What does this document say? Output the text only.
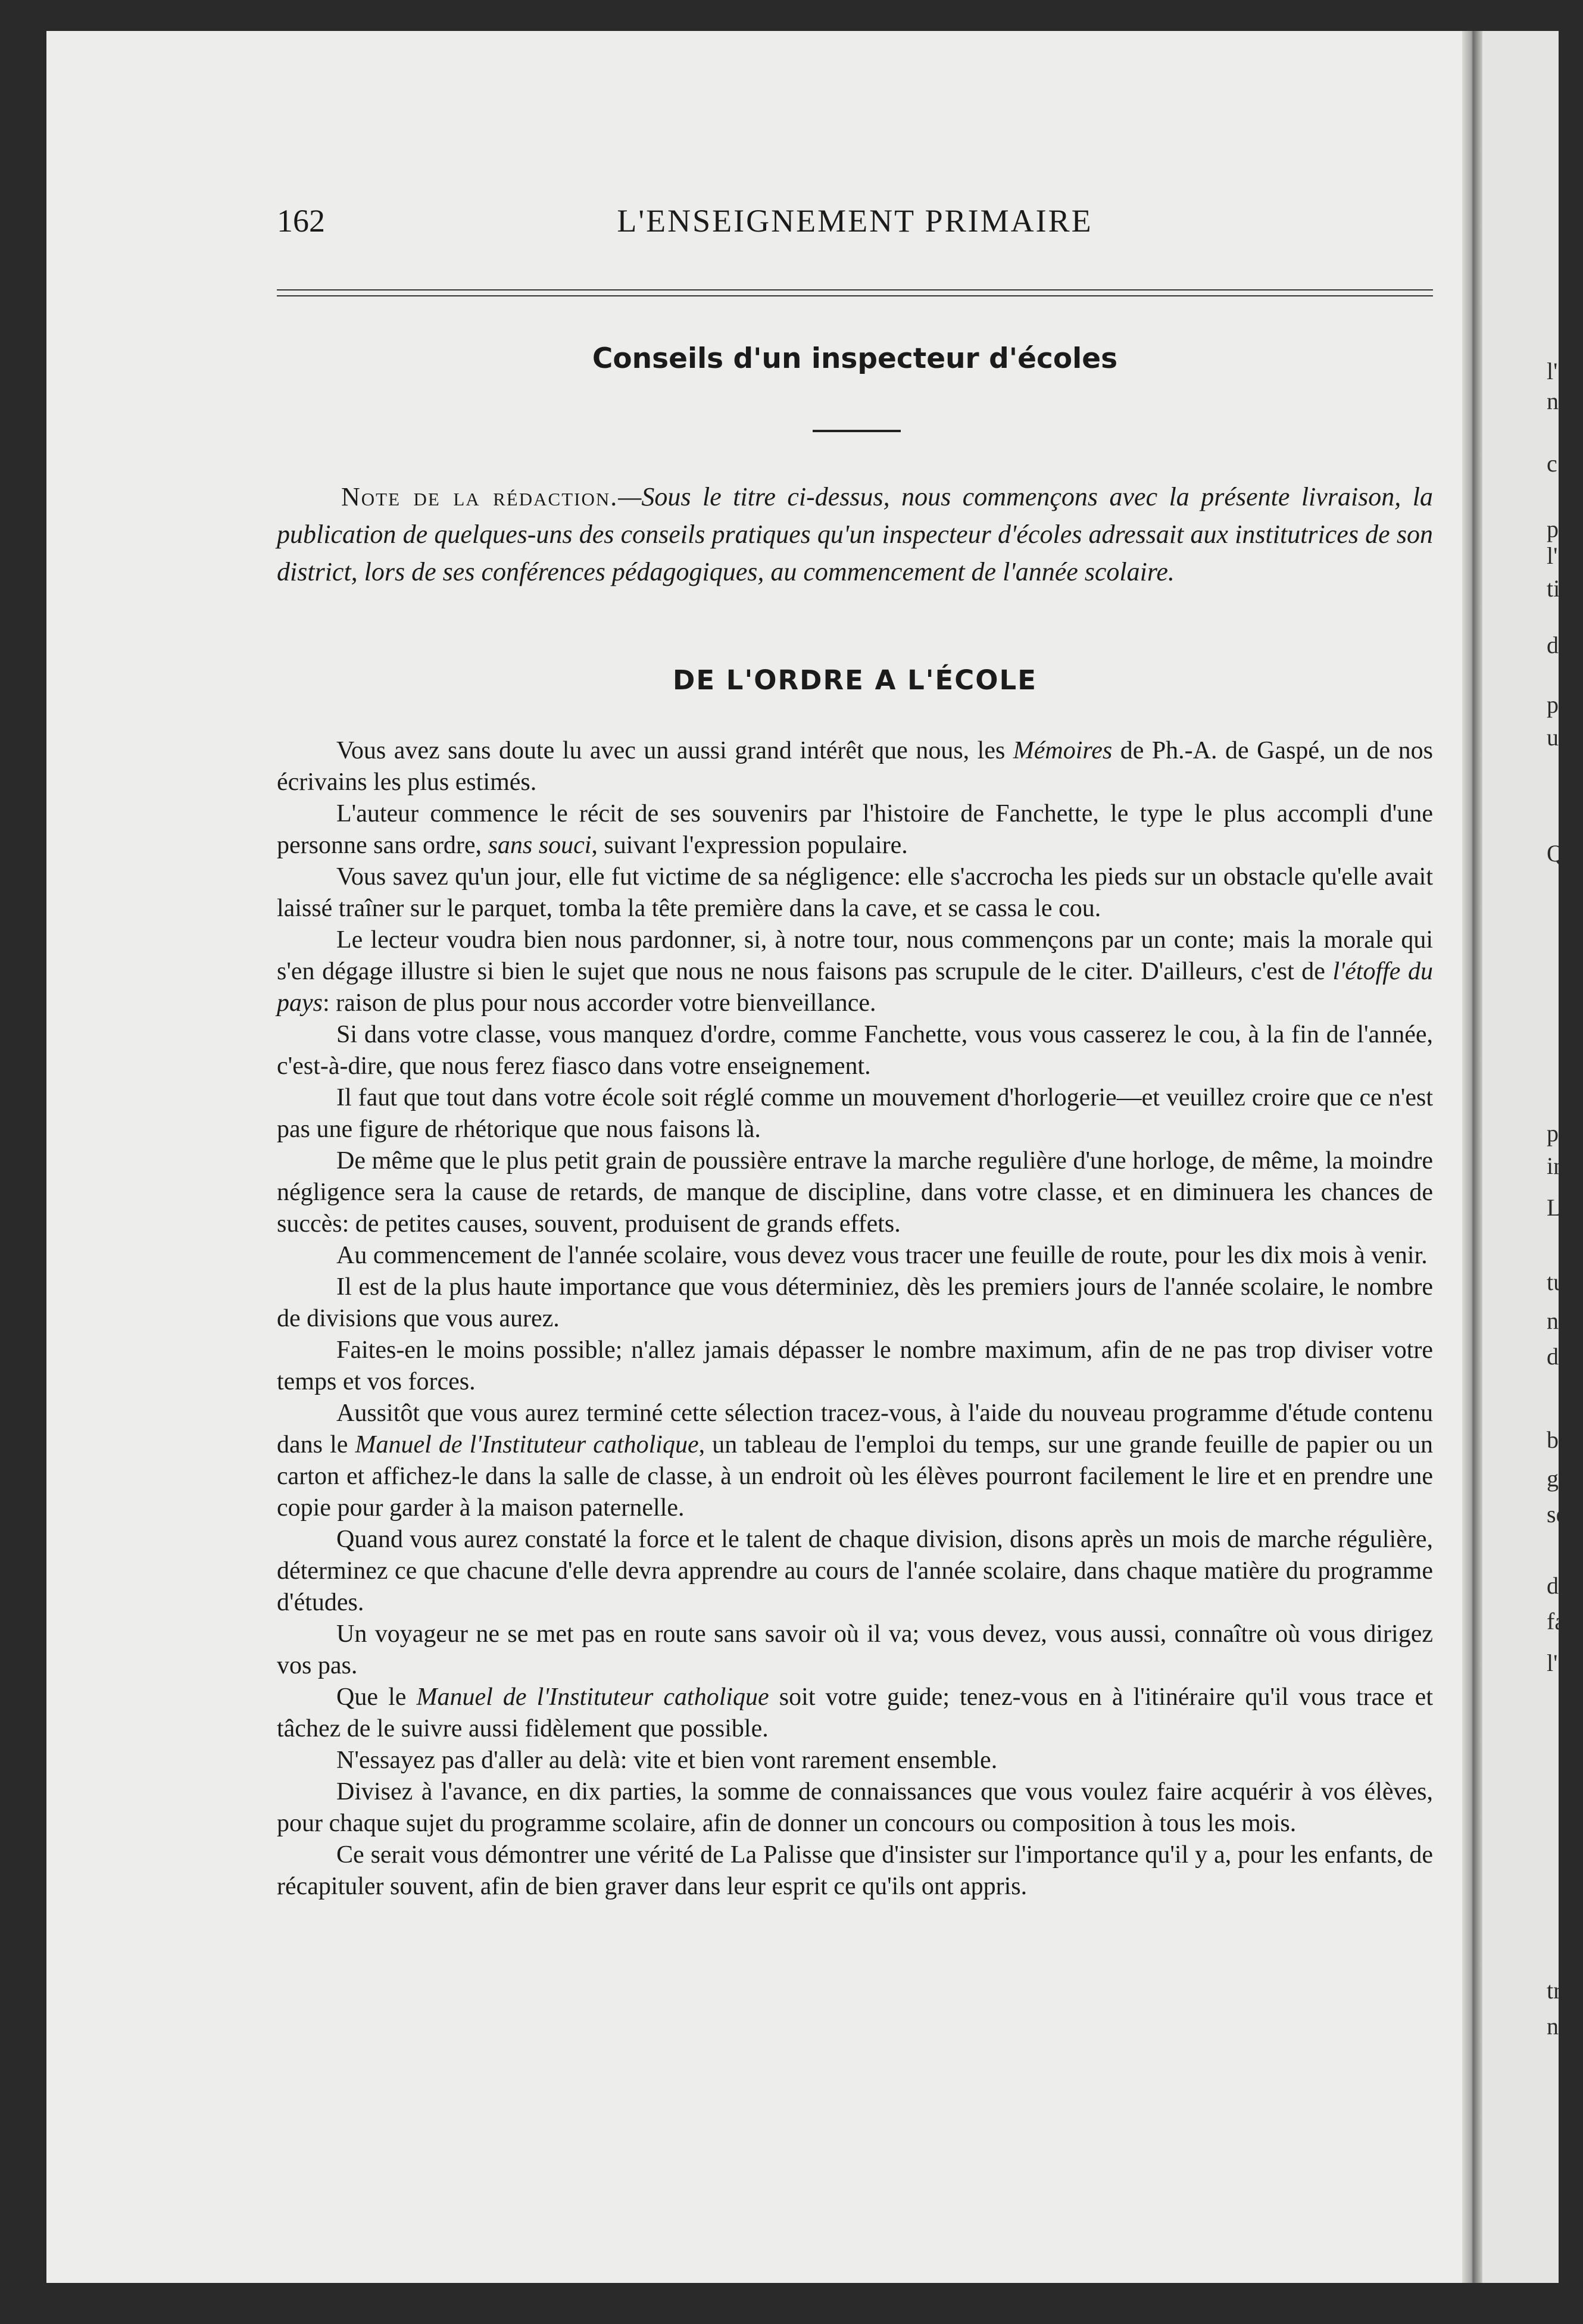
l'
n
c
p
l'
ti
d
p
u
Q
p
in
L
tu
n
d
b
g
se
d
fa
l'é
tr
na
162	L'ENSEIGNEMENT PRIMAIRE
Conseils d'un inspecteur d'écoles
Note de la rédaction.—Sous le titre ci-dessus, nous commençons avec la présente livraison, la publication de quelques-uns des conseils pratiques qu'un inspecteur d'écoles adressait aux institutrices de son district, lors de ses conférences pédagogiques, au commencement de l'année scolaire.
DE L'ORDRE A L'ÉCOLE

Vous avez sans doute lu avec un aussi grand intérêt que nous, les Mémoires de Ph.-A. de Gaspé, un de nos écrivains les plus estimés.

L'auteur commence le récit de ses souvenirs par l'histoire de Fanchette, le type le plus accompli d'une personne sans ordre, sans souci, suivant l'expression populaire.

Vous savez qu'un jour, elle fut victime de sa négligence: elle s'accrocha les pieds sur un obstacle qu'elle avait laissé traîner sur le parquet, tomba la tête première dans la cave, et se cassa le cou.

Le lecteur voudra bien nous pardonner, si, à notre tour, nous commençons par un conte; mais la morale qui s'en dégage illustre si bien le sujet que nous ne nous faisons pas scrupule de le citer. D'ailleurs, c'est de l'étoffe du pays: raison de plus pour nous accorder votre bienveillance.

Si dans votre classe, vous manquez d'ordre, comme Fanchette, vous vous casserez le cou, à la fin de l'année, c'est-à-dire, que nous ferez fiasco dans votre enseignement.

Il faut que tout dans votre école soit réglé comme un mouvement d'horlogerie—et veuillez croire que ce n'est pas une figure de rhétorique que nous faisons là.

De même que le plus petit grain de poussière entrave la marche regulière d'une horloge, de même, la moindre négligence sera la cause de retards, de manque de discipline, dans votre classe, et en diminuera les chances de succès: de petites causes, souvent, produisent de grands effets.

Au commencement de l'année scolaire, vous devez vous tracer une feuille de route, pour les dix mois à venir.

Il est de la plus haute importance que vous déterminiez, dès les premiers jours de l'année scolaire, le nombre de divisions que vous aurez.

Faites-en le moins possible; n'allez jamais dépasser le nombre maximum, afin de ne pas trop diviser votre temps et vos forces.

Aussitôt que vous aurez terminé cette sélection tracez-vous, à l'aide du nouveau programme d'étude contenu dans le Manuel de l'Instituteur catholique, un tableau de l'emploi du temps, sur une grande feuille de papier ou un carton et affichez-le dans la salle de classe, à un endroit où les élèves pourront facilement le lire et en prendre une copie pour garder à la maison paternelle.

Quand vous aurez constaté la force et le talent de chaque division, disons après un mois de marche régulière, déterminez ce que chacune d'elle devra apprendre au cours de l'année scolaire, dans chaque matière du programme d'études.

Un voyageur ne se met pas en route sans savoir où il va; vous devez, vous aussi, connaître où vous dirigez vos pas.

Que le Manuel de l'Instituteur catholique soit votre guide; tenez-vous en à l'itinéraire qu'il vous trace et tâchez de le suivre aussi fidèlement que possible.

N'essayez pas d'aller au delà: vite et bien vont rarement ensemble.

Divisez à l'avance, en dix parties, la somme de connaissances que vous voulez faire acquérir à vos élèves, pour chaque sujet du programme scolaire, afin de donner un concours ou composition à tous les mois.

Ce serait vous démontrer une vérité de La Palisse que d'insister sur l'importance qu'il y a, pour les enfants, de récapituler souvent, afin de bien graver dans leur esprit ce qu'ils ont appris.
